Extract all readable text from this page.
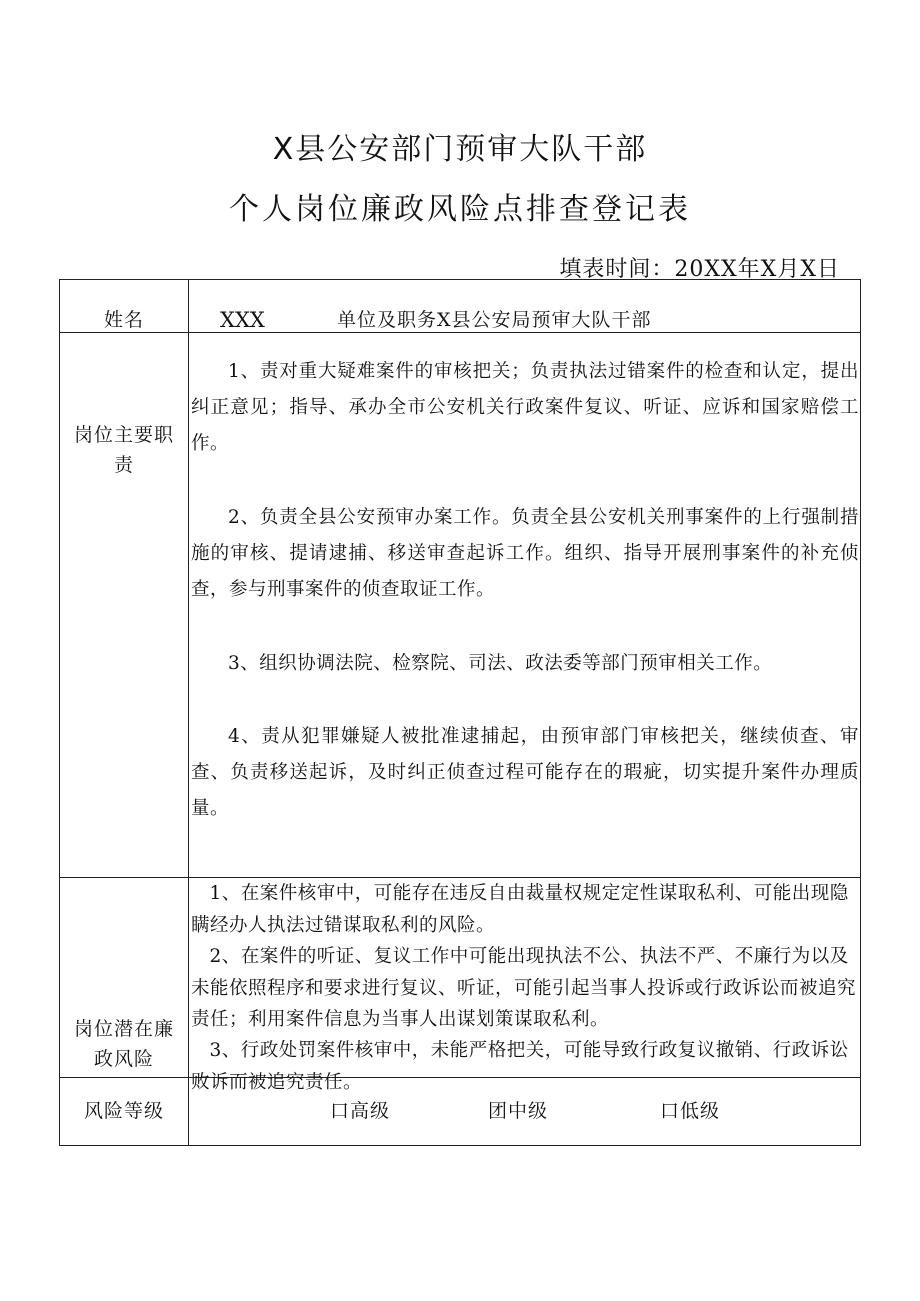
X县公安部门预审大队干部
个人岗位廉政风险点排查登记表
填表时间：20XX年X月X日
姓名	XXX	单位及职务X县公安局预审大队干部
岗位主要职
责

1、责对重大疑难案件的审核把关；负责执法过错案件的检查和认定，提出纠正意见；指导、承办全市公安机关行政案件复议、听证、应诉和国家赔偿工作。

2、负责全县公安预审办案工作。负责全县公安机关刑事案件的上行强制措施的审核、提请逮捕、移送审查起诉工作。组织、指导开展刑事案件的补充侦查，参与刑事案件的侦查取证工作。

3、组织协调法院、检察院、司法、政法委等部门预审相关工作。

4、责从犯罪嫌疑人被批准逮捕起，由预审部门审核把关，继续侦查、审查、负责移送起诉，及时纠正侦查过程可能存在的瑕疵，切实提升案件办理质量。

岗位潜在廉
政风险

1、在案件核审中，可能存在违反自由裁量权规定定性谋取私利、可能出现隐瞒经办人执法过错谋取私利的风险。

2、在案件的听证、复议工作中可能出现执法不公、执法不严、不廉行为以及未能依照程序和要求进行复议、听证，可能引起当事人投诉或行政诉讼而被追究责任；利用案件信息为当事人出谋划策谋取私利。

3、行政处罚案件核审中，未能严格把关，可能导致行政复议撤销、行政诉讼败诉而被追究责任。

风险等级	口高级	团中级	口低级
